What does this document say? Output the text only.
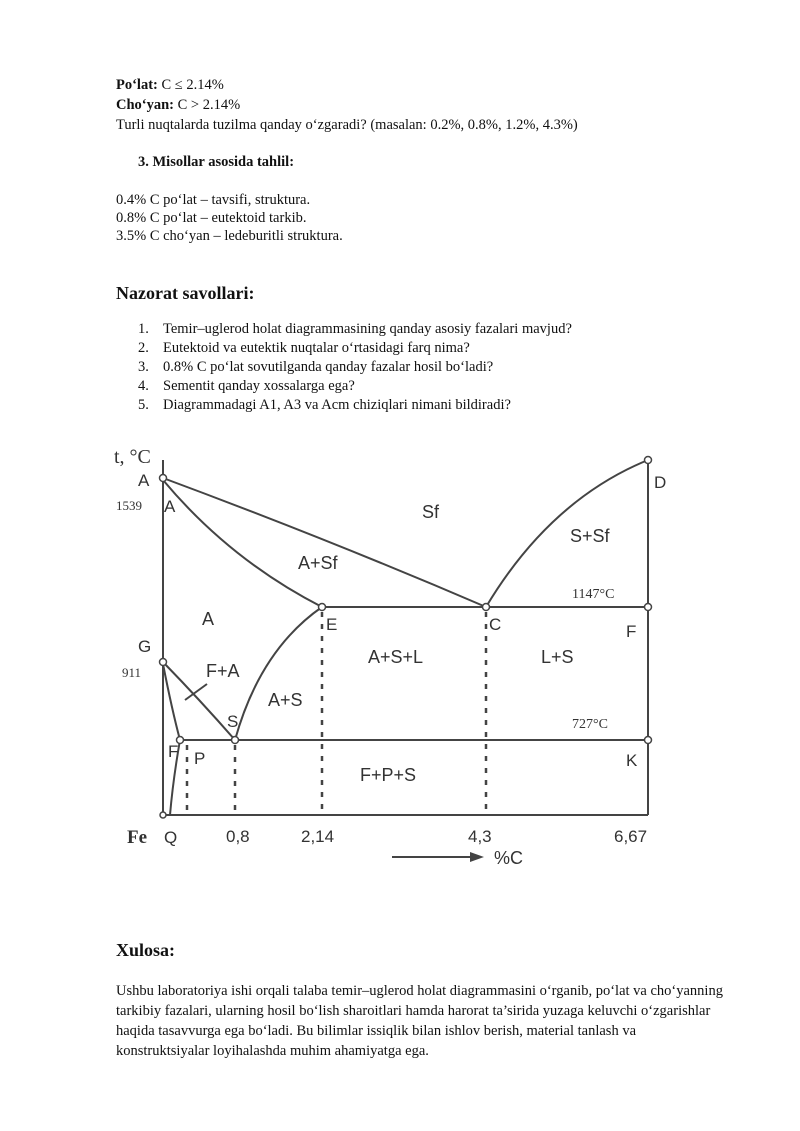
Po‘lat: C ≤ 2.14%
Cho‘yan: C > 2.14%
Turli nuqtalarda tuzilma qanday o‘zgaradi? (masalan: 0.2%, 0.8%, 1.2%, 4.3%)
3. Misollar asosida tahlil:
0.4% C po‘lat – tavsifi, struktura.
0.8% C po‘lat – eutektoid tarkib.
3.5% C cho‘yan – ledeburitli struktura.
Nazorat savollari:
1. Temir–uglerod holat diagrammasining qanday asosiy fazalari mavjud?
2. Eutektoid va eutektik nuqtalar o‘rtasidagi farq nima?
3. 0.8% C po‘lat sovutilganda qanday fazalar hosil bo‘ladi?
4. Sementit qanday xossalarga ega?
5. Diagrammadagi A1, A3 va Acm chiziqlari nimani bildiradi?
t, °C
%C
A
A
D
G
E	C	F
F
S
P	K
Q
Fe
1539
1147°C
911
727°C
0,8	2,14	4,3	6,67
Sf
S+Sf
A+Sf
A
A+S+L	L+S
F+A
A+S
F+P+S
Xulosa:
Ushbu laboratoriya ishi orqali talaba temir–uglerod holat diagrammasini o‘rganib, po‘lat va cho‘yanning tarkibiy fazalari, ularning hosil bo‘lish sharoitlari hamda harorat ta’sirida yuzaga keluvchi o‘zgarishlar haqida tasavvurga ega bo‘ladi. Bu bilimlar issiqlik bilan ishlov berish, material tanlash va konstruktsiyalar loyihalashda muhim ahamiyatga ega.
